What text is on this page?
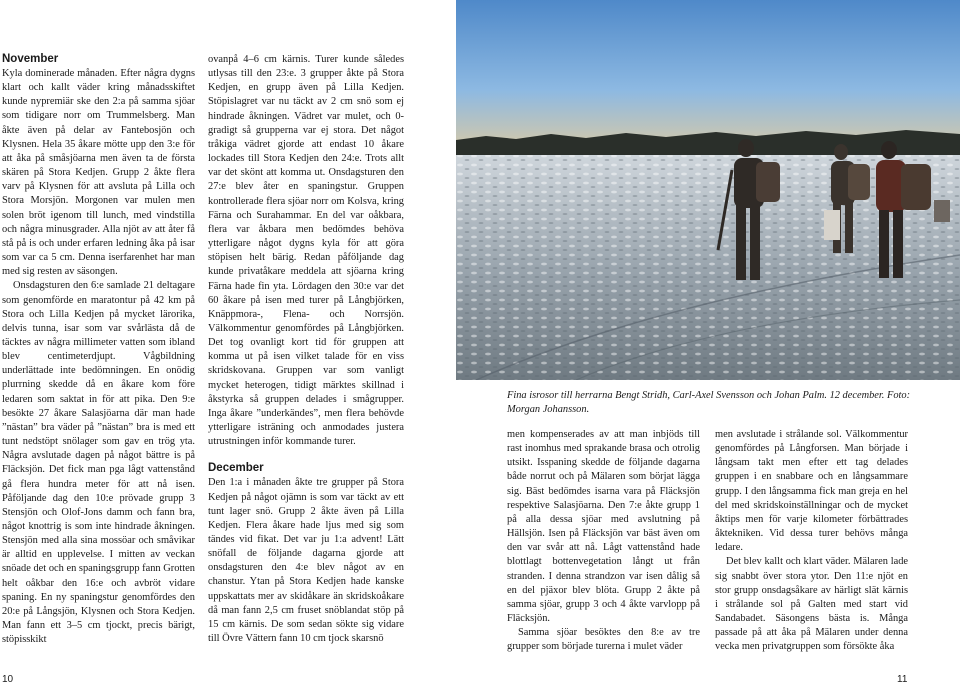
November

Kyla dominerade månaden. Efter några dygns klart och kallt väder kring månadsskiftet kunde nypremiär ske den 2:a på samma sjöar som tidigare norr om Trummelsberg. Man åkte även på delar av Fantebosjön och Klysnen. Hela 35 åkare mötte upp den 3:e för att åka på småsjöarna men även ta de första skären på Stora Kedjen. Grupp 2 åkte flera varv på Klysnen för att avsluta på Lilla och Stora Morsjön. Morgonen var mulen men solen bröt igenom till lunch, med vindstilla och några minusgrader. Alla njöt av att åter få stå på is och under erfaren ledning åka på isar som var ca 5 cm. Denna iserfarenhet har man med sig resten av säsongen.

Onsdagsturen den 6:e samlade 21 deltagare som genomförde en maratontur på 42 km på Stora och Lilla Kedjen på mycket lärorika, delvis tunna, isar som var svårlästa då de täcktes av några millimeter vatten som ibland blev centimeterdjupt. Vågbildning underlättade inte bedömningen. En onödig plurrning skedde då en åkare kom före ledaren som saktat in för att pika. Den 9:e besökte 27 åkare Salasjöarna där man hade ”nästan” bra väder på ”nästan” bra is med ett tunt nedstöpt snölager som gav en trög yta. Några avslutade dagen på något bättre is på Fläcksjön. Det fick man pga lågt vattenstånd gå flera hundra meter för att nå isen. Påföljande dag den 10:e prövade grupp 3 Stensjön och Olof-Jons damm och fann bra, något knottrig is som inte hindrade åkningen. Stensjön med alla sina mossöar och småvikar är alltid en upplevelse. I mitten av veckan snöade det och en spaningsgrupp fann Grotten helt oåkbar den 16:e och avbröt vidare spaning. En ny spaningstur genomfördes den 20:e på Långsjön, Klysnen och Stora Kedjen. Man fann ett 3–5 cm tjockt, precis bärigt, stöpisskikt

ovanpå 4–6 cm kärnis. Turer kunde således utlysas till den 23:e. 3 grupper åkte på Stora Kedjen, en grupp även på Lilla Kedjen. Stöpislagret var nu täckt av 2 cm snö som ej hindrade åkningen. Vädret var mulet, och 0-gradigt så grupperna var ej stora. Det något tråkiga vädret gjorde att endast 10 åkare lockades till Stora Kedjen den 24:e. Trots allt var det skönt att komma ut. Onsdagsturen den 27:e blev åter en spaningstur. Gruppen kontrollerade flera sjöar norr om Kolsva, kring Färna och Surahammar. En del var oåkbara, flera var åkbara men bedömdes behöva ytterligare något dygns kyla för att göra stöpisen helt bärig. Redan påföljande dag kunde privatåkare meddela att sjöarna kring Färna hade fin yta. Lördagen den 30:e var det 60 åkare på isen med turer på Långbjörken, Knäppmora-, Flena- och Norrsjön. Välkommentur genomfördes på Långbjörken. Det tog ovanligt kort tid för gruppen att komma ut på isen vilket talade för en viss skridskovana. Gruppen var som vanligt mycket heterogen, tidigt märktes skillnad i åkstyrka så gruppen delades i smågrupper. Inga åkare ”underkändes”, men flera behövde ytterligare isträning och anmodades justera utrustningen inför kommande turer.

December

Den 1:a i månaden åkte tre grupper på Stora Kedjen på något ojämn is som var täckt av ett tunt lager snö. Grupp 2 åkte även på Lilla Kedjen. Flera åkare hade ljus med sig som tändes vid fikat. Det var ju 1:a advent! Lätt snöfall de följande dagarna gjorde att onsdagsturen den 4:e blev något av en chanstur. Ytan på Stora Kedjen hade kanske uppskattats mer av skidåkare än skridskoåkare då man fann 2,5 cm fruset snöblandat stöp på 15 cm kärnis. De som sedan sökte sig vidare till Övre Vättern fann 10 cm tjock skarsnö

Fina isrosor till herrarna Bengt Stridh, Carl-Axel Svensson och Johan Palm. 12 december. Foto: Morgan Johansson.

men kompenserades av att man inbjöds till rast inomhus med sprakande brasa och otrolig utsikt. Isspaning skedde de följande dagarna både norrut och på Mälaren som börjat lägga sig. Bäst bedömdes isarna vara på Fläcksjön respektive Salasjöarna. Den 7:e åkte grupp 1 på alla dessa sjöar med avslutning på Hällsjön. Isen på Fläcksjön var bäst även om den var svår att nå. Lågt vattenstånd hade blottlagt bottenvegetation långt ut från stranden. I denna strandzon var isen dålig så en del pjäxor blev blöta. Grupp 2 åkte på samma sjöar, grupp 3 och 4 åkte varvlopp på Fläcksjön.

Samma sjöar besöktes den 8:e av tre grupper som började turerna i mulet väder

men avslutade i strålande sol. Välkommentur genomfördes på Långforsen. Man började i långsam takt men efter ett tag delades gruppen i en snabbare och en långsammare grupp. I den långsamma fick man greja en hel del med skridskoinställningar och de mycket åktips men för varje kilometer förbättrades åktekniken. Vid dessa turer behövs många ledare.

Det blev kallt och klart väder. Mälaren lade sig snabbt över stora ytor. Den 11:e njöt en stor grupp onsdagsåkare av härligt slät kärnis i strålande sol på Galten med start vid Sandabadet. Säsongens bästa is. Många passade på att åka på Mälaren under denna vecka men privatgruppen som försökte åka

10	11
